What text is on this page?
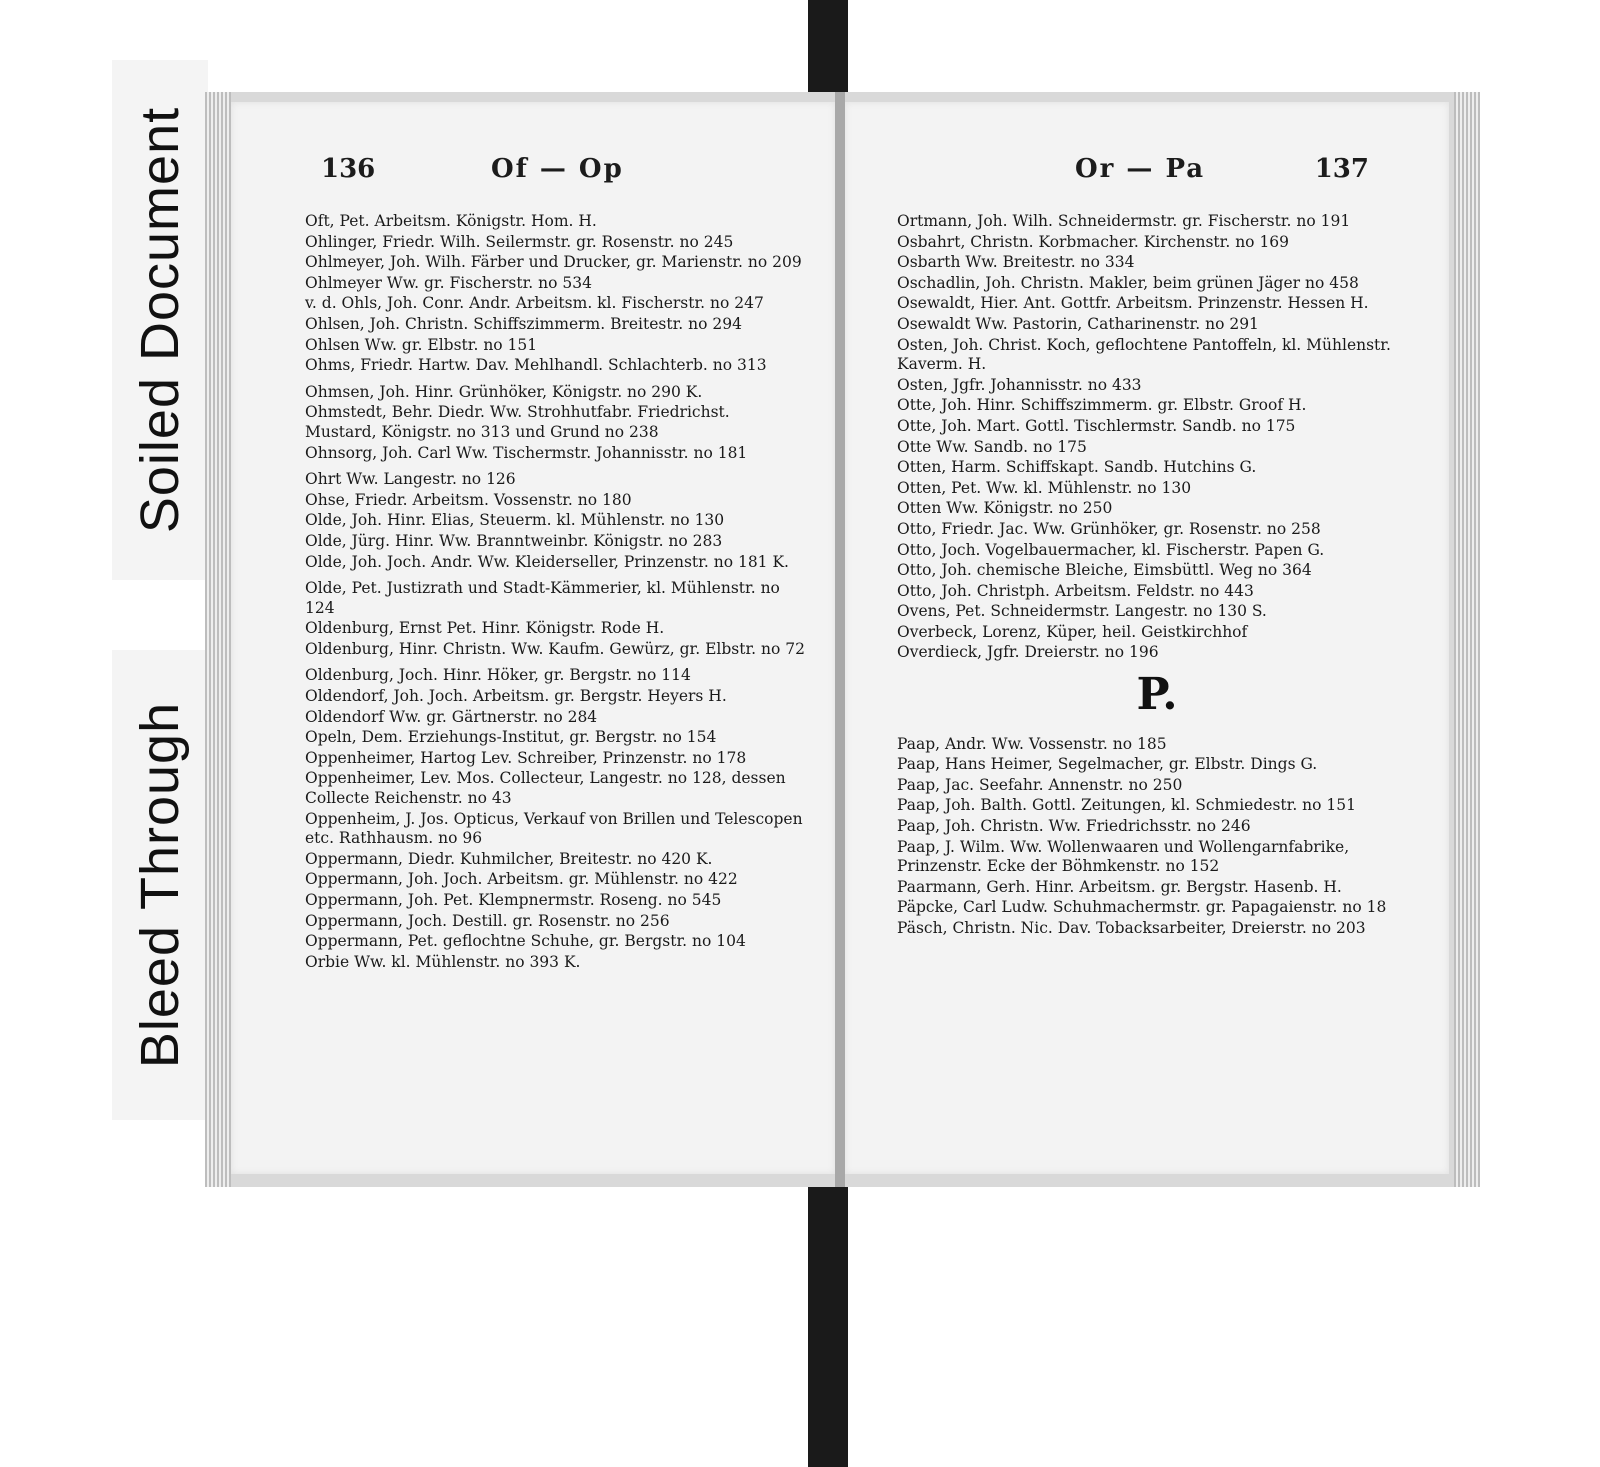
Soiled Document
Bleed Through
136	Of — Op
Oft, Pet. Arbeitsm. Königstr. Hom. H.
Ohlinger, Friedr. Wilh. Seilermstr. gr. Rosenstr. no 245
Ohlmeyer, Joh. Wilh. Färber und Drucker, gr. Marienstr. no 209
Ohlmeyer Ww. gr. Fischerstr. no 534
v. d. Ohls, Joh. Conr. Andr. Arbeitsm. kl. Fischerstr. no 247
Ohlsen, Joh. Christn. Schiffszimmerm. Breitestr. no 294
Ohlsen Ww. gr. Elbstr. no 151
Ohms, Friedr. Hartw. Dav. Mehlhandl. Schlachterb. no 313
Ohmsen, Joh. Hinr. Grünhöker, Königstr. no 290 K.
Ohmstedt, Behr. Diedr. Ww. Strohhutfabr. Friedrichst. Mustard, Königstr. no 313 und Grund no 238
Ohnsorg, Joh. Carl Ww. Tischermstr. Johannisstr. no 181
Ohrt Ww. Langestr. no 126
Ohse, Friedr. Arbeitsm. Vossenstr. no 180
Olde, Joh. Hinr. Elias, Steuerm. kl. Mühlenstr. no 130
Olde, Jürg. Hinr. Ww. Branntweinbr. Königstr. no 283
Olde, Joh. Joch. Andr. Ww. Kleiderseller, Prinzenstr. no 181 K.
Olde, Pet. Justizrath und Stadt-Kämmerier, kl. Mühlenstr. no 124
Oldenburg, Ernst Pet. Hinr. Königstr. Rode H.
Oldenburg, Hinr. Christn. Ww. Kaufm. Gewürz, gr. Elbstr. no 72
Oldenburg, Joch. Hinr. Höker, gr. Bergstr. no 114
Oldendorf, Joh. Joch. Arbeitsm. gr. Bergstr. Heyers H.
Oldendorf Ww. gr. Gärtnerstr. no 284
Opeln, Dem. Erziehungs-Institut, gr. Bergstr. no 154
Oppenheimer, Hartog Lev. Schreiber, Prinzenstr. no 178
Oppenheimer, Lev. Mos. Collecteur, Langestr. no 128, dessen Collecte Reichenstr. no 43
Oppenheim, J. Jos. Opticus, Verkauf von Brillen und Telescopen etc. Rathhausm. no 96
Oppermann, Diedr. Kuhmilcher, Breitestr. no 420 K.
Oppermann, Joh. Joch. Arbeitsm. gr. Mühlenstr. no 422
Oppermann, Joh. Pet. Klempnermstr. Roseng. no 545
Oppermann, Joch. Destill. gr. Rosenstr. no 256
Oppermann, Pet. geflochtne Schuhe, gr. Bergstr. no 104
Orbie Ww. kl. Mühlenstr. no 393 K.
Or — Pa	137
Ortmann, Joh. Wilh. Schneidermstr. gr. Fischerstr. no 191
Osbahrt, Christn. Korbmacher. Kirchenstr. no 169
Osbarth Ww. Breitestr. no 334
Oschadlin, Joh. Christn. Makler, beim grünen Jäger no 458
Osewaldt, Hier. Ant. Gottfr. Arbeitsm. Prinzenstr. Hessen H.
Osewaldt Ww. Pastorin, Catharinenstr. no 291
Osten, Joh. Christ. Koch, geflochtene Pantoffeln, kl. Mühlenstr. Kaverm. H.
Osten, Jgfr. Johannisstr. no 433
Otte, Joh. Hinr. Schiffszimmerm. gr. Elbstr. Groof H.
Otte, Joh. Mart. Gottl. Tischlermstr. Sandb. no 175
Otte Ww. Sandb. no 175
Otten, Harm. Schiffskapt. Sandb. Hutchins G.
Otten, Pet. Ww. kl. Mühlenstr. no 130
Otten Ww. Königstr. no 250
Otto, Friedr. Jac. Ww. Grünhöker, gr. Rosenstr. no 258
Otto, Joch. Vogelbauermacher, kl. Fischerstr. Papen G.
Otto, Joh. chemische Bleiche, Eimsbüttl. Weg no 364
Otto, Joh. Christph. Arbeitsm. Feldstr. no 443
Ovens, Pet. Schneidermstr. Langestr. no 130 S.
Overbeck, Lorenz, Küper, heil. Geistkirchhof
Overdieck, Jgfr. Dreierstr. no 196
P.
Paap, Andr. Ww. Vossenstr. no 185
Paap, Hans Heimer, Segelmacher, gr. Elbstr. Dings G.
Paap, Jac. Seefahr. Annenstr. no 250
Paap, Joh. Balth. Gottl. Zeitungen, kl. Schmiedestr. no 151
Paap, Joh. Christn. Ww. Friedrichsstr. no 246
Paap, J. Wilm. Ww. Wollenwaaren und Wollengarnfabrike, Prinzenstr. Ecke der Böhmkenstr. no 152
Paarmann, Gerh. Hinr. Arbeitsm. gr. Bergstr. Hasenb. H.
Päpcke, Carl Ludw. Schuhmachermstr. gr. Papagaienstr. no 18
Päsch, Christn. Nic. Dav. Tobacksarbeiter, Dreierstr. no 203
